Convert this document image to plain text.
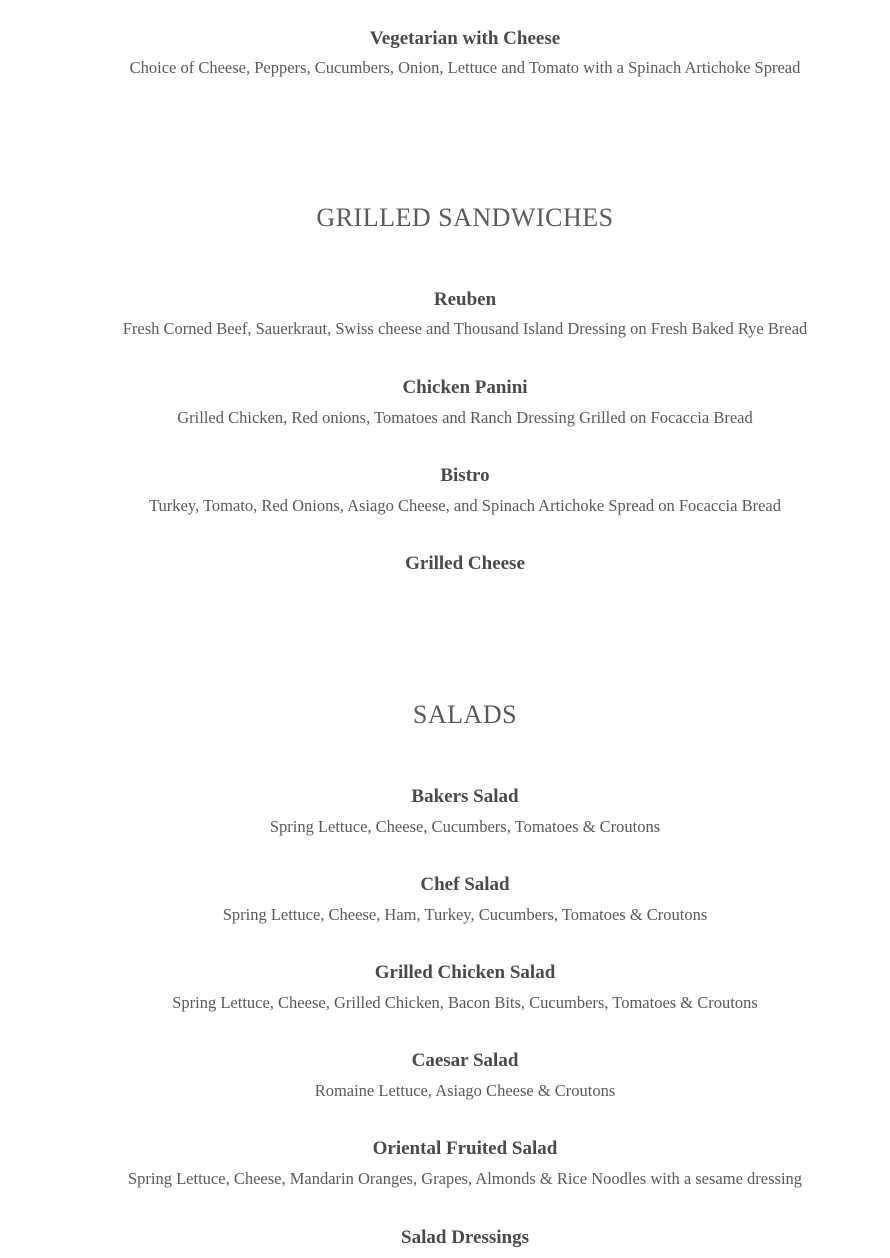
Vegetarian with Cheese
Choice of Cheese, Peppers, Cucumbers, Onion, Lettuce and Tomato with a Spinach Artichoke Spread
GRILLED SANDWICHES
Reuben
Fresh Corned Beef, Sauerkraut, Swiss cheese and Thousand Island Dressing on Fresh Baked Rye Bread
Chicken Panini
Grilled Chicken, Red onions, Tomatoes and Ranch Dressing Grilled on Focaccia Bread
Bistro
Turkey, Tomato, Red Onions, Asiago Cheese, and Spinach Artichoke Spread on Focaccia Bread
Grilled Cheese
SALADS
Bakers Salad
Spring Lettuce, Cheese, Cucumbers, Tomatoes & Croutons
Chef Salad
Spring Lettuce, Cheese, Ham, Turkey, Cucumbers, Tomatoes & Croutons
Grilled Chicken Salad
Spring Lettuce, Cheese, Grilled Chicken, Bacon Bits, Cucumbers, Tomatoes & Croutons
Caesar Salad
Romaine Lettuce, Asiago Cheese & Croutons
Oriental Fruited Salad
Spring Lettuce, Cheese, Mandarin Oranges, Grapes, Almonds & Rice Noodles with a sesame dressing
Salad Dressings
